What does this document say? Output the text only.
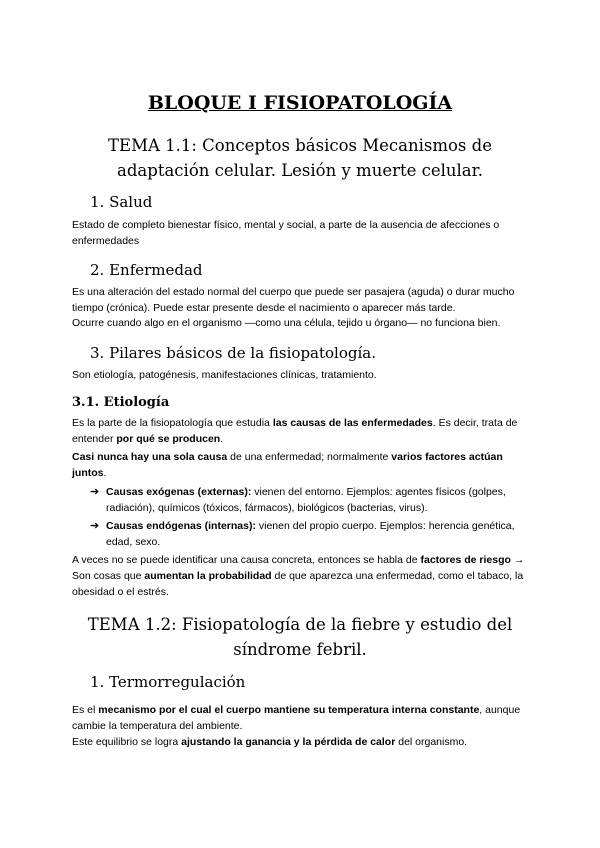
BLOQUE I FISIOPATOLOGÍA
TEMA 1.1: Conceptos básicos Mecanismos de adaptación celular. Lesión y muerte celular.
1. Salud

Estado de completo bienestar físico, mental y social, a parte de la ausencia de afecciones o enfermedades

2. Enfermedad

Es una alteración del estado normal del cuerpo que puede ser pasajera (aguda) o durar mucho tiempo (crónica). Puede estar presente desde el nacimiento o aparecer más tarde.

Ocurre cuando algo en el organismo —como una célula, tejido u órgano— no funciona bien.

3. Pilares básicos de la fisiopatología.

Son etiología, patogénesis, manifestaciones clínicas, tratamiento.

3.1. Etiología

Es la parte de la fisiopatología que estudia las causas de las enfermedades. Es decir, trata de entender por qué se producen.

Casi nunca hay una sola causa de una enfermedad; normalmente varios factores actúan juntos.

➔ Causas exógenas (externas): vienen del entorno. Ejemplos: agentes físicos (golpes, radiación), químicos (tóxicos, fármacos), biológicos (bacterias, virus).
➔ Causas endógenas (internas): vienen del propio cuerpo. Ejemplos: herencia genética, edad, sexo.

A veces no se puede identificar una causa concreta, entonces se habla de factores de riesgo → Son cosas que aumentan la probabilidad de que aparezca una enfermedad, como el tabaco, la obesidad o el estrés.

TEMA 1.2: Fisiopatología de la fiebre y estudio del síndrome febril.
1. Termorregulación

Es el mecanismo por el cual el cuerpo mantiene su temperatura interna constante, aunque cambie la temperatura del ambiente.

Este equilibrio se logra ajustando la ganancia y la pérdida de calor del organismo.
